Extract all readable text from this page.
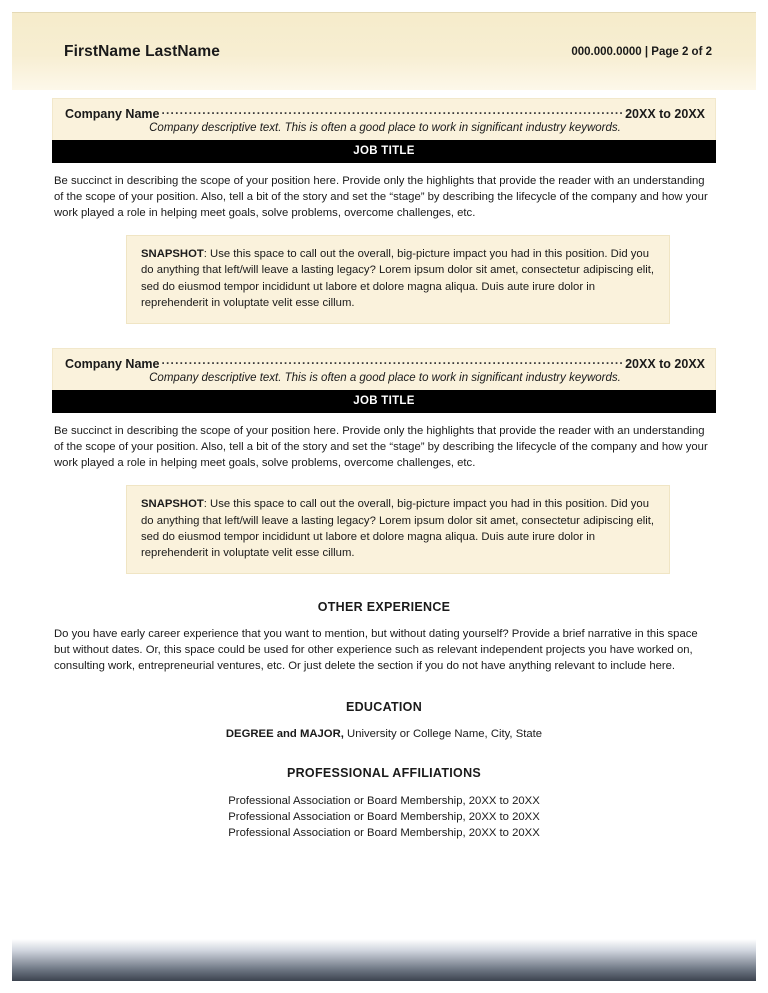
FirstName LastName	000.000.0000 | Page 2 of 2
Company Name .....	20XX to 20XX
Company descriptive text. This is often a good place to work in significant industry keywords.
JOB TITLE
Be succinct in describing the scope of your position here. Provide only the highlights that provide the reader with an understanding of the scope of your position. Also, tell a bit of the story and set the “stage” by describing the lifecycle of the company and how your work played a role in helping meet goals, solve problems, overcome challenges, etc.
SNAPSHOT: Use this space to call out the overall, big-picture impact you had in this position. Did you do anything that left/will leave a lasting legacy? Lorem ipsum dolor sit amet, consectetur adipiscing elit, sed do eiusmod tempor incididunt ut labore et dolore magna aliqua. Duis aute irure dolor in reprehenderit in voluptate velit esse cillum.
Company Name .....	20XX to 20XX
Company descriptive text. This is often a good place to work in significant industry keywords.
JOB TITLE
Be succinct in describing the scope of your position here. Provide only the highlights that provide the reader with an understanding of the scope of your position. Also, tell a bit of the story and set the “stage” by describing the lifecycle of the company and how your work played a role in helping meet goals, solve problems, overcome challenges, etc.
SNAPSHOT: Use this space to call out the overall, big-picture impact you had in this position. Did you do anything that left/will leave a lasting legacy? Lorem ipsum dolor sit amet, consectetur adipiscing elit, sed do eiusmod tempor incididunt ut labore et dolore magna aliqua. Duis aute irure dolor in reprehenderit in voluptate velit esse cillum.
OTHER EXPERIENCE
Do you have early career experience that you want to mention, but without dating yourself? Provide a brief narrative in this space but without dates. Or, this space could be used for other experience such as relevant independent projects you have worked on, consulting work, entrepreneurial ventures, etc. Or just delete the section if you do not have anything relevant to include here.
EDUCATION
DEGREE and MAJOR, University or College Name, City, State
PROFESSIONAL AFFILIATIONS
Professional Association or Board Membership, 20XX to 20XX
Professional Association or Board Membership, 20XX to 20XX
Professional Association or Board Membership, 20XX to 20XX
